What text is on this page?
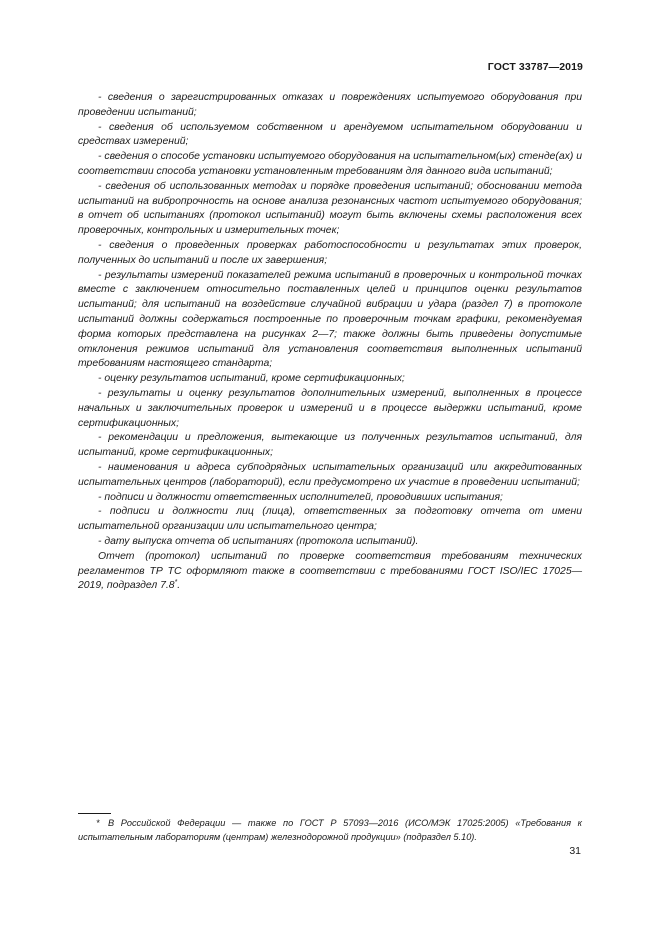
ГОСТ 33787—2019

- сведения о зарегистрированных отказах и повреждениях испытуемого оборудования при проведении испытаний;

- сведения об используемом собственном и арендуемом испытательном оборудовании и средствах измерений;

- сведения о способе установки испытуемого оборудования на испытательном(ых) стенде(ах) и соответствии способа установки установленным требованиям для данного вида испытаний;

- сведения об использованных методах и порядке проведения испытаний; обосновании метода испытаний на вибропрочность на основе анализа резонансных частот испытуемого оборудования; в отчет об испытаниях (протокол испытаний) могут быть включены схемы расположения всех проверочных, контрольных и измерительных точек;

- сведения о проведенных проверках работоспособности и результатах этих проверок, полученных до испытаний и после их завершения;

- результаты измерений показателей режима испытаний в проверочных и контрольной точках вместе с заключением относительно поставленных целей и принципов оценки результатов испытаний; для испытаний на воздействие случайной вибрации и удара (раздел 7) в протоколе испытаний должны содержаться построенные по проверочным точкам графики, рекомендуемая форма которых представлена на рисунках 2—7; также должны быть приведены допустимые отклонения режимов испытаний для установления соответствия выполненных испытаний требованиям настоящего стандарта;

- оценку результатов испытаний, кроме сертификационных;

- результаты и оценку результатов дополнительных измерений, выполненных в процессе начальных и заключительных проверок и измерений и в процессе выдержки испытаний, кроме сертификационных;

- рекомендации и предложения, вытекающие из полученных результатов испытаний, для испытаний, кроме сертификационных;

- наименования и адреса субподрядных испытательных организаций или аккредитованных испытательных центров (лабораторий), если предусмотрено их участие в проведении испытаний;

- подписи и должности ответственных исполнителей, проводивших испытания;

- подписи и должности лиц (лица), ответственных за подготовку отчета от имени испытательной организации или испытательного центра;

- дату выпуска отчета об испытаниях (протокола испытаний).

Отчет (протокол) испытаний по проверке соответствия требованиям технических регламентов ТР ТС оформляют также в соответствии с требованиями ГОСТ ISO/IEC 17025—2019, подраздел 7.8*.

* В Российской Федерации — также по ГОСТ Р 57093—2016 (ИСО/МЭК 17025:2005) «Требования к испытательным лабораториям (центрам) железнодорожной продукции» (подраздел 5.10).
31
